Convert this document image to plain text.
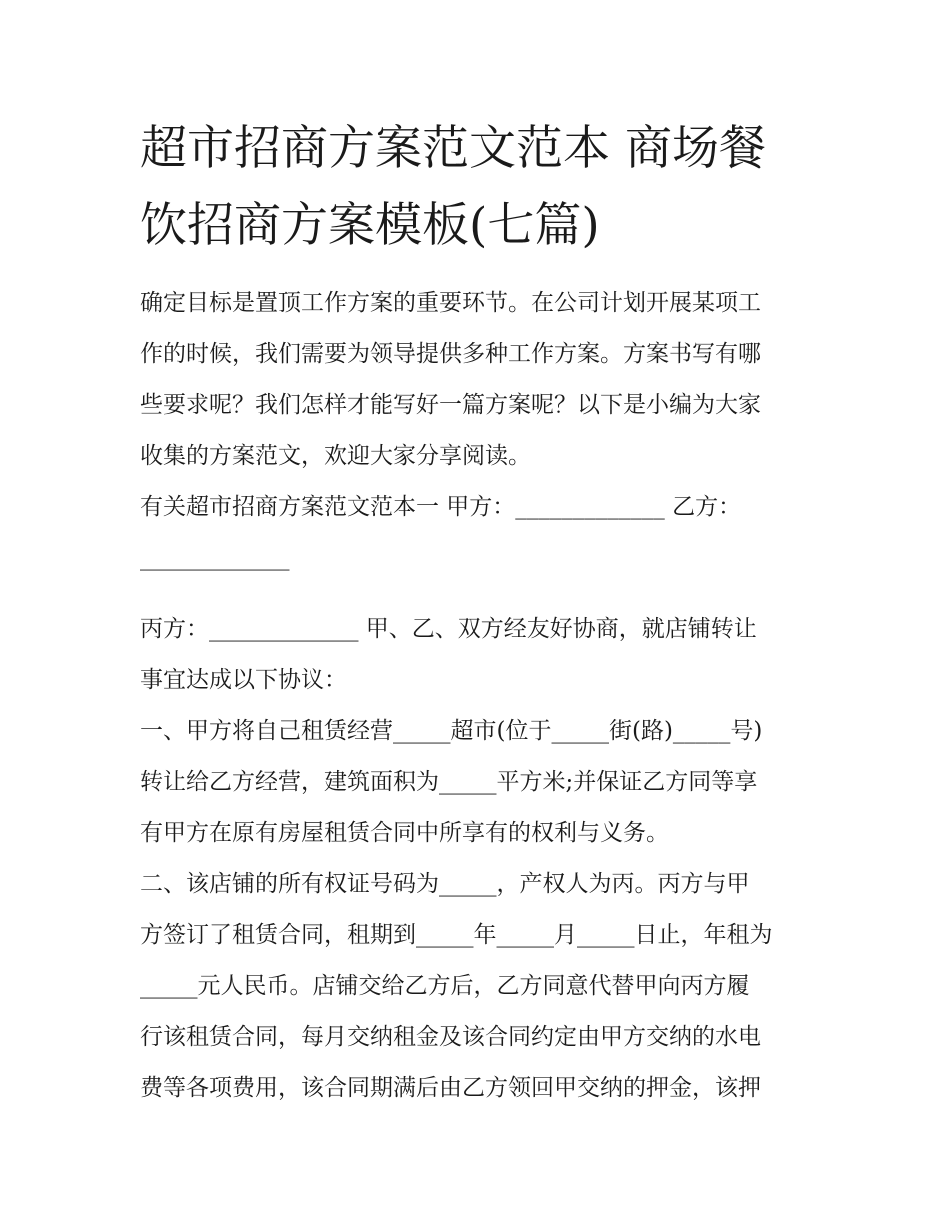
超市招商方案范文范本 商场餐
饮招商方案模板(七篇)

确定目标是置顶工作方案的重要环节。在公司计划开展某项工
作的时候，我们需要为领导提供多种工作方案。方案书写有哪
些要求呢？我们怎样才能写好一篇方案呢？以下是小编为大家
收集的方案范文，欢迎大家分享阅读。

有关超市招商方案范文范本一 甲方：_____________ 乙方：
_____________

丙方：_____________ 甲、乙、双方经友好协商，就店铺转让
事宜达成以下协议：

一、甲方将自己租赁经营_____超市(位于_____街(路)_____号)
转让给乙方经营，建筑面积为_____平方米;并保证乙方同等享
有甲方在原有房屋租赁合同中所享有的权利与义务。

二、该店铺的所有权证号码为_____，产权人为丙。丙方与甲
方签订了租赁合同，租期到_____年_____月_____日止，年租为
_____元人民币。店铺交给乙方后，乙方同意代替甲向丙方履
行该租赁合同，每月交纳租金及该合同约定由甲方交纳的水电
费等各项费用，该合同期满后由乙方领回甲交纳的押金，该押
